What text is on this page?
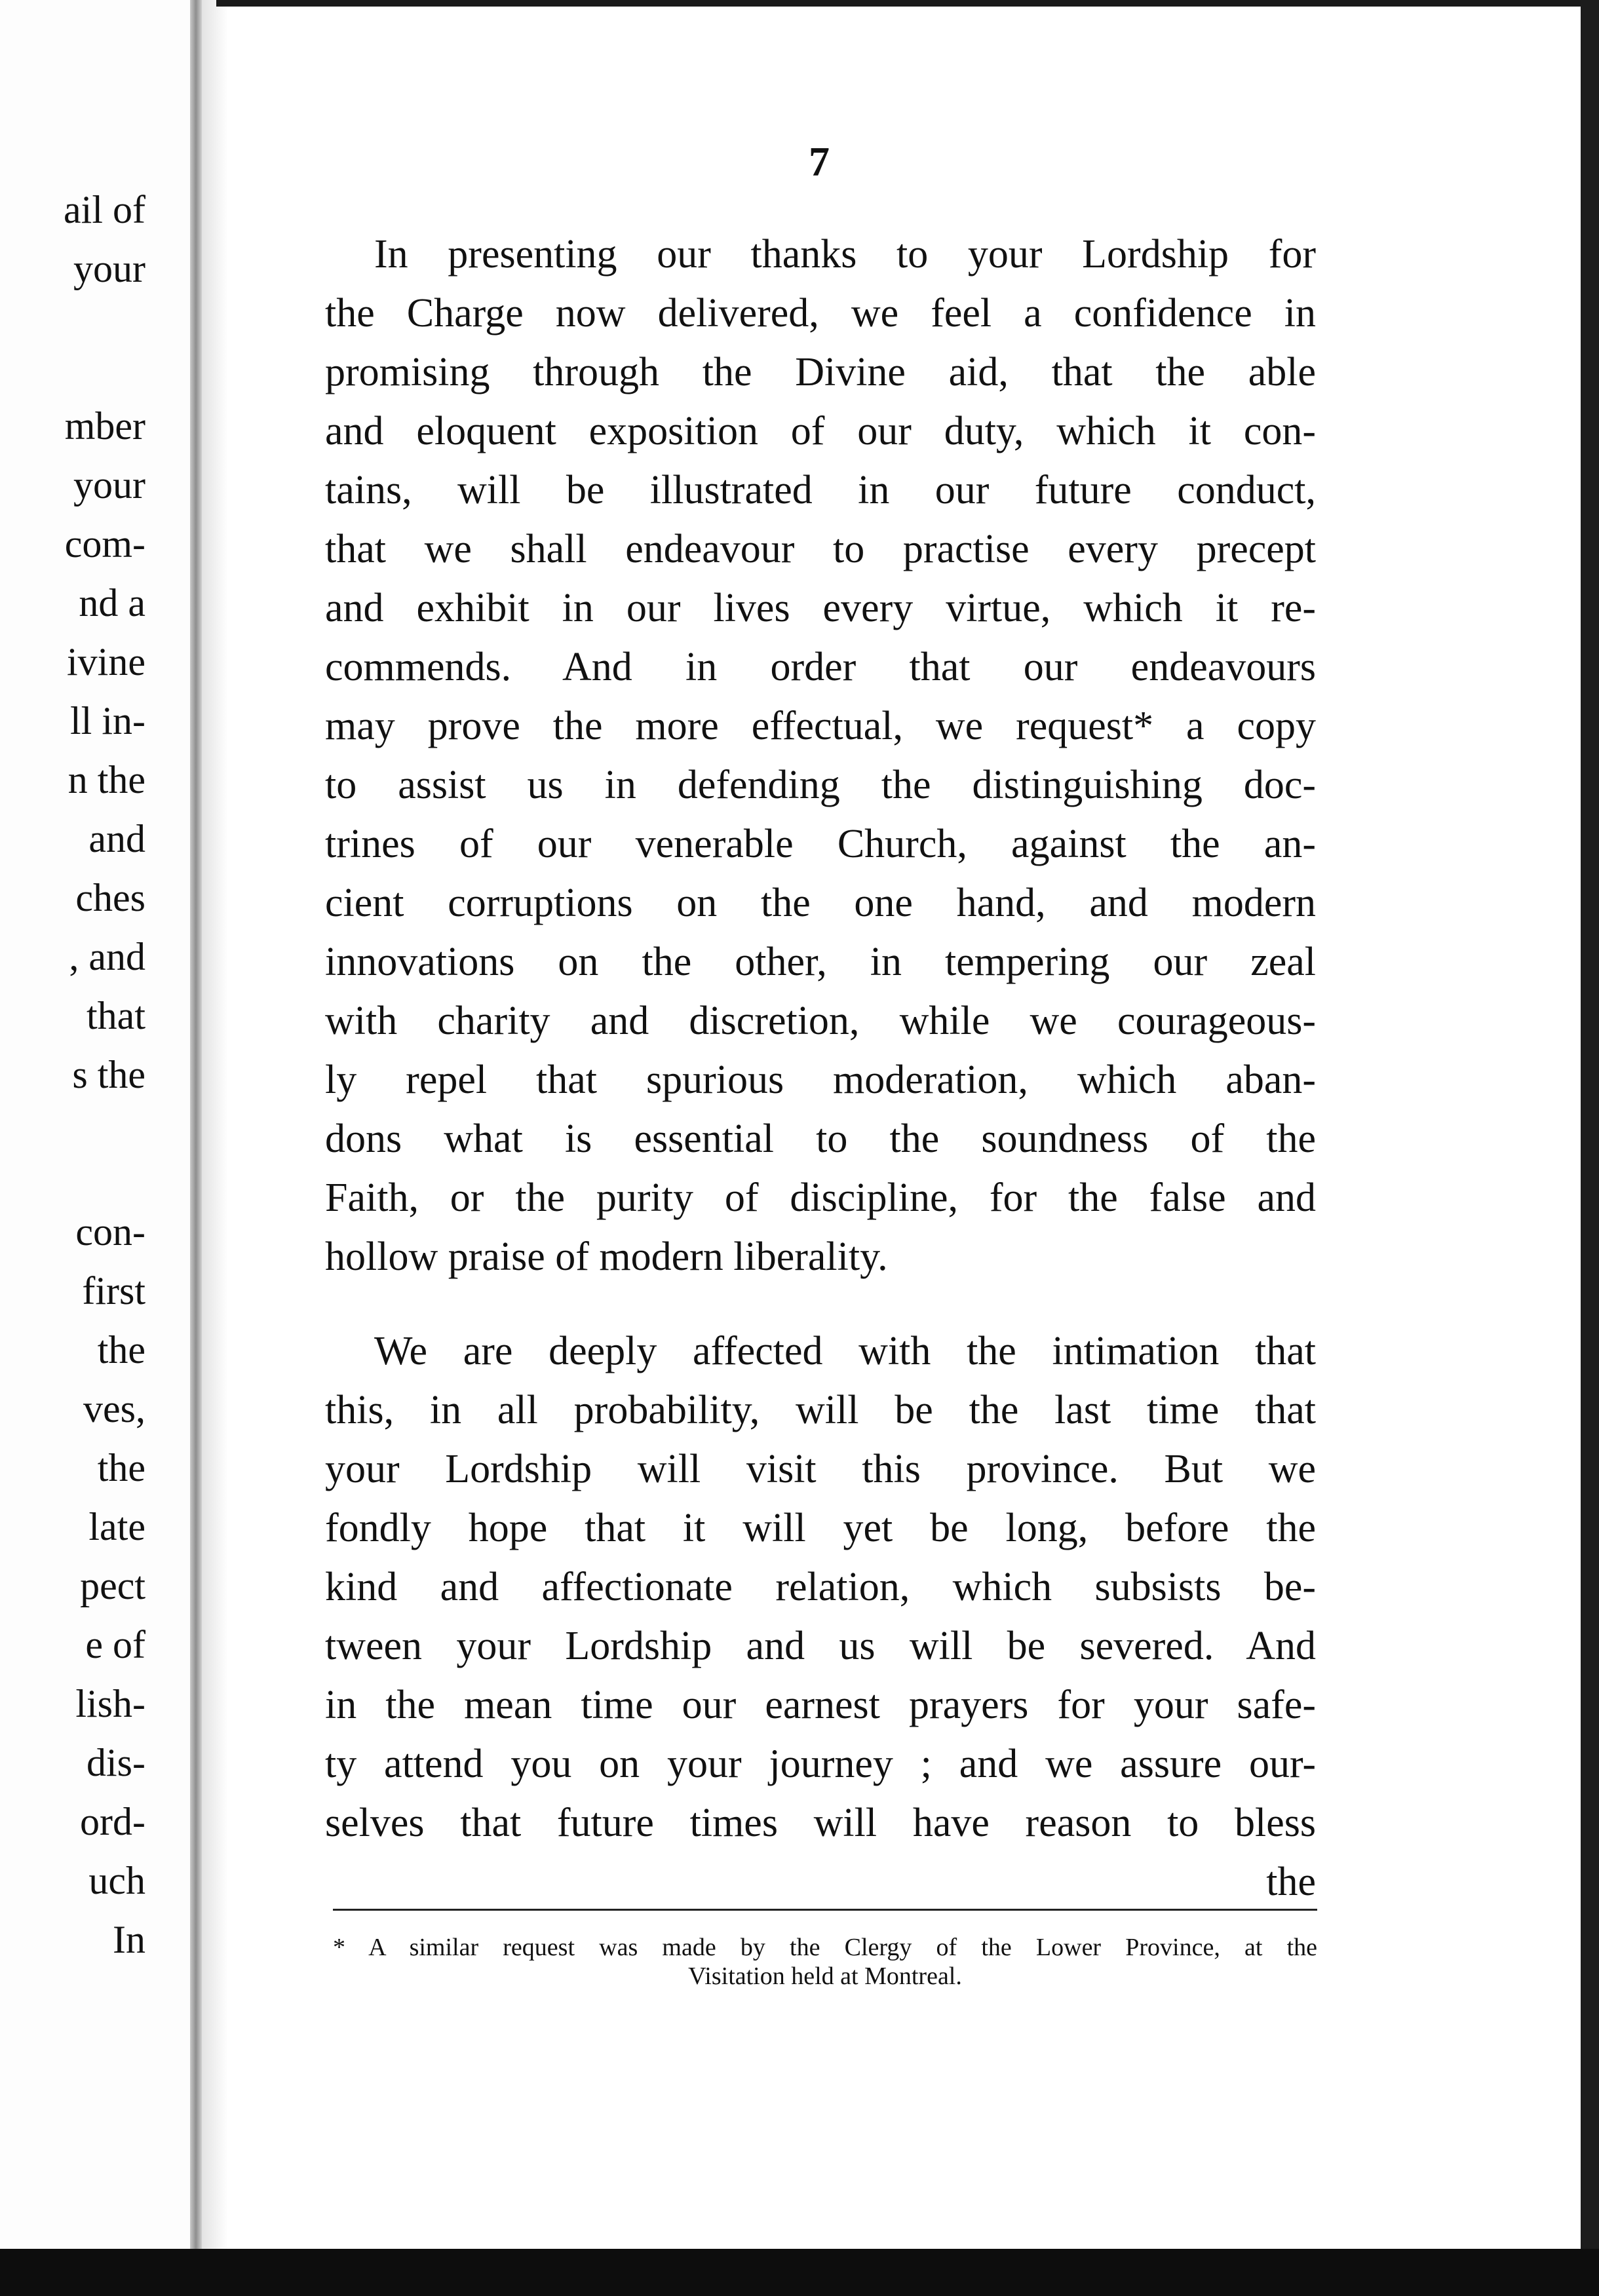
ail of
your
mber
your
com-
nd a
ivine
ll in-
n the
and
ches
, and
that
s the
con-
first
the
ves,
the
late
pect
e of
lish-
dis-
ord-
uch
In
7
In presenting our thanks to your Lordship for
the Charge now delivered, we feel a confidence in
promising through the Divine aid, that the able
and eloquent exposition of our duty, which it con-
tains, will be illustrated in our future conduct,
that we shall endeavour to practise every precept
and exhibit in our lives every virtue, which it re-
commends. And in order that our endeavours
may prove the more effectual, we request* a copy
to assist us in defending the distinguishing doc-
trines of our venerable Church, against the an-
cient corruptions on the one hand, and modern
innovations on the other, in tempering our zeal
with charity and discretion, while we courageous-
ly repel that spurious moderation, which aban-
dons what is essential to the soundness of the
Faith, or the purity of discipline, for the false and
hollow praise of modern liberality.
We are deeply affected with the intimation that
this, in all probability, will be the last time that
your Lordship will visit this province. But we
fondly hope that it will yet be long, before the
kind and affectionate relation, which subsists be-
tween your Lordship and us will be severed. And
in the mean time our earnest prayers for your safe-
ty attend you on your journey ; and we assure our-
selves that future times will have reason to bless
the
* A similar request was made by the Clergy of the Lower Province, at the
Visitation held at Montreal.
